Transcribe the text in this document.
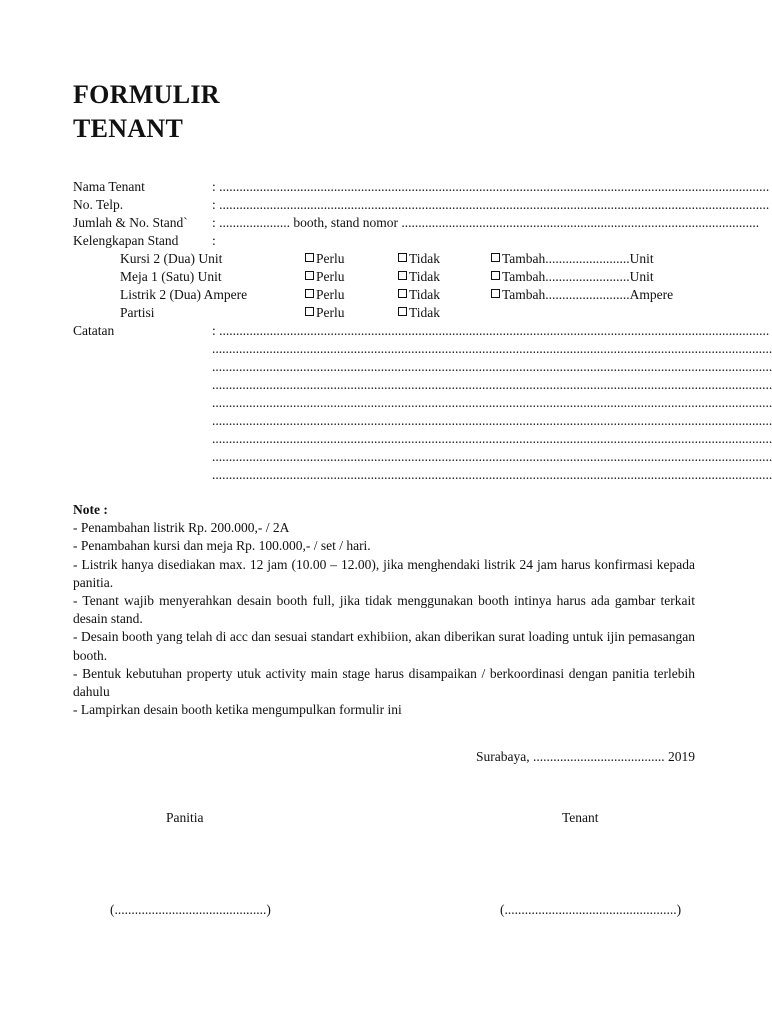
FORMULIR
TENANT
Nama Tenant	: ...................................................................................................................................................................
No. Telp.	: ...................................................................................................................................................................
Jumlah & No. Stand` : ..................... booth, stand nomor ..........................................................................................................
Kelengkapan Stand :
Kursi 2 (Dua) Unit	Perlu	Tidak	Tambah.........................Unit
Meja 1 (Satu) Unit	Perlu	Tidak	Tambah.........................Unit
Listrik 2 (Dua) Ampere	Perlu	Tidak	Tambah.........................Ampere
Partisi	Perlu	Tidak
Catatan	: ...................................................................................................................................................................
......................................................................................................................................................................
......................................................................................................................................................................
......................................................................................................................................................................
......................................................................................................................................................................
......................................................................................................................................................................
......................................................................................................................................................................
......................................................................................................................................................................
......................................................................................................................................................................
Note :

- Penambahan listrik Rp. 200.000,- / 2A

- Penambahan kursi dan meja Rp. 100.000,- / set / hari.

- Listrik hanya disediakan max. 12 jam (10.00 – 12.00), jika menghendaki listrik 24 jam harus konfirmasi kepada panitia.

- Tenant wajib menyerahkan desain booth full, jika tidak menggunakan booth intinya harus ada gambar terkait desain stand.

- Desain booth yang telah di acc dan sesuai standart exhibiion, akan diberikan surat loading untuk ijin pemasangan booth.

- Bentuk kebutuhan property utuk activity main stage harus disampaikan / berkoordinasi dengan panitia terlebih dahulu

- Lampirkan desain booth ketika mengumpulkan formulir ini

Surabaya, ....................................... 2019
Panitia	Tenant
(.............................................)	(...................................................)
